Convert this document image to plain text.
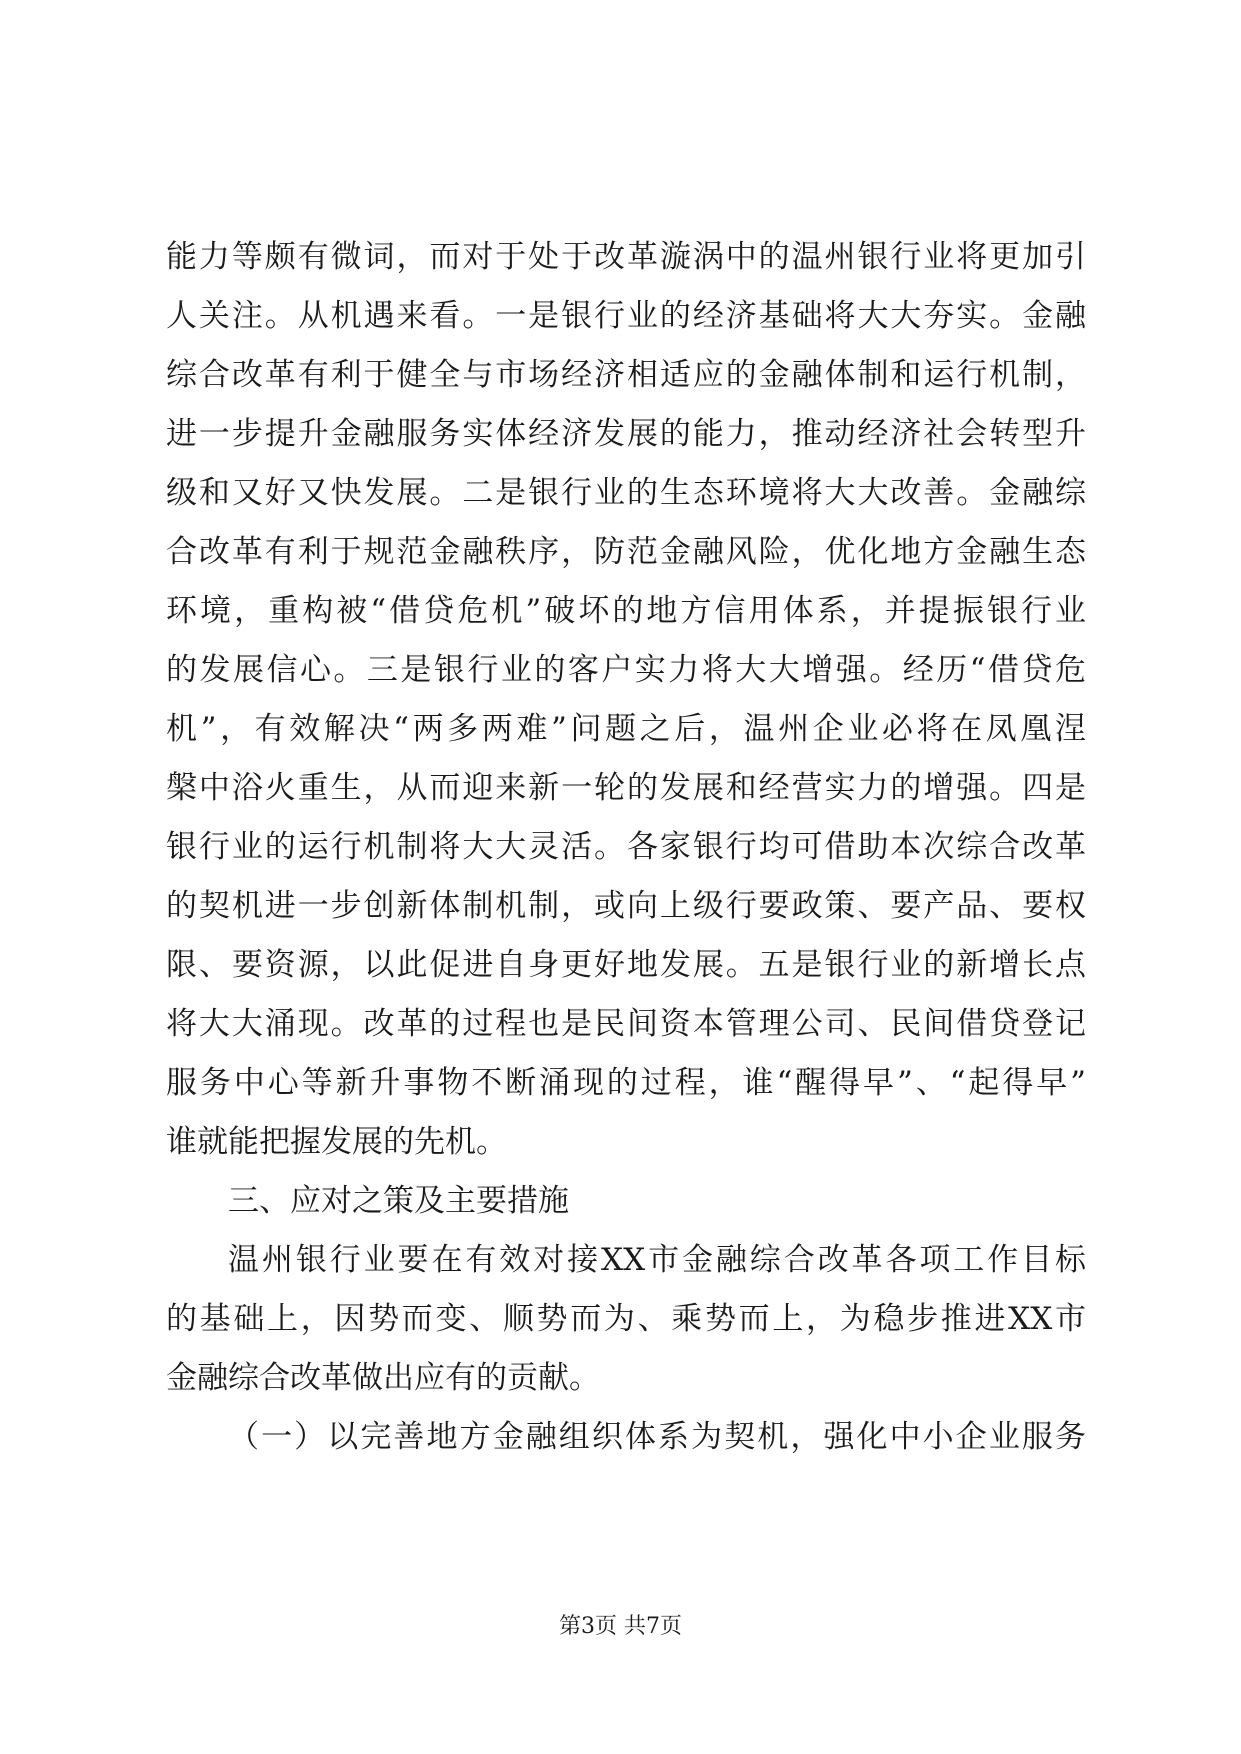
能力等颇有微词，而对于处于改革漩涡中的温州银行业将更加引
人关注。从机遇来看。一是银行业的经济基础将大大夯实。金融
综合改革有利于健全与市场经济相适应的金融体制和运行机制，
进一步提升金融服务实体经济发展的能力，推动经济社会转型升
级和又好又快发展。二是银行业的生态环境将大大改善。金融综
合改革有利于规范金融秩序，防范金融风险，优化地方金融生态
环境，重构被“借贷危机”破坏的地方信用体系，并提振银行业
的发展信心。三是银行业的客户实力将大大增强。经历“借贷危
机”，有效解决“两多两难”问题之后，温州企业必将在凤凰涅
槃中浴火重生，从而迎来新一轮的发展和经营实力的增强。四是
银行业的运行机制将大大灵活。各家银行均可借助本次综合改革
的契机进一步创新体制机制，或向上级行要政策、要产品、要权
限、要资源，以此促进自身更好地发展。五是银行业的新增长点
将大大涌现。改革的过程也是民间资本管理公司、民间借贷登记
服务中心等新升事物不断涌现的过程，谁“醒得早”、“起得早”
谁就能把握发展的先机。
三、应对之策及主要措施
温州银行业要在有效对接XX市金融综合改革各项工作目标
的基础上，因势而变、顺势而为、乘势而上，为稳步推进XX市
金融综合改革做出应有的贡献。
（一）以完善地方金融组织体系为契机，强化中小企业服务
第3页 共7页
